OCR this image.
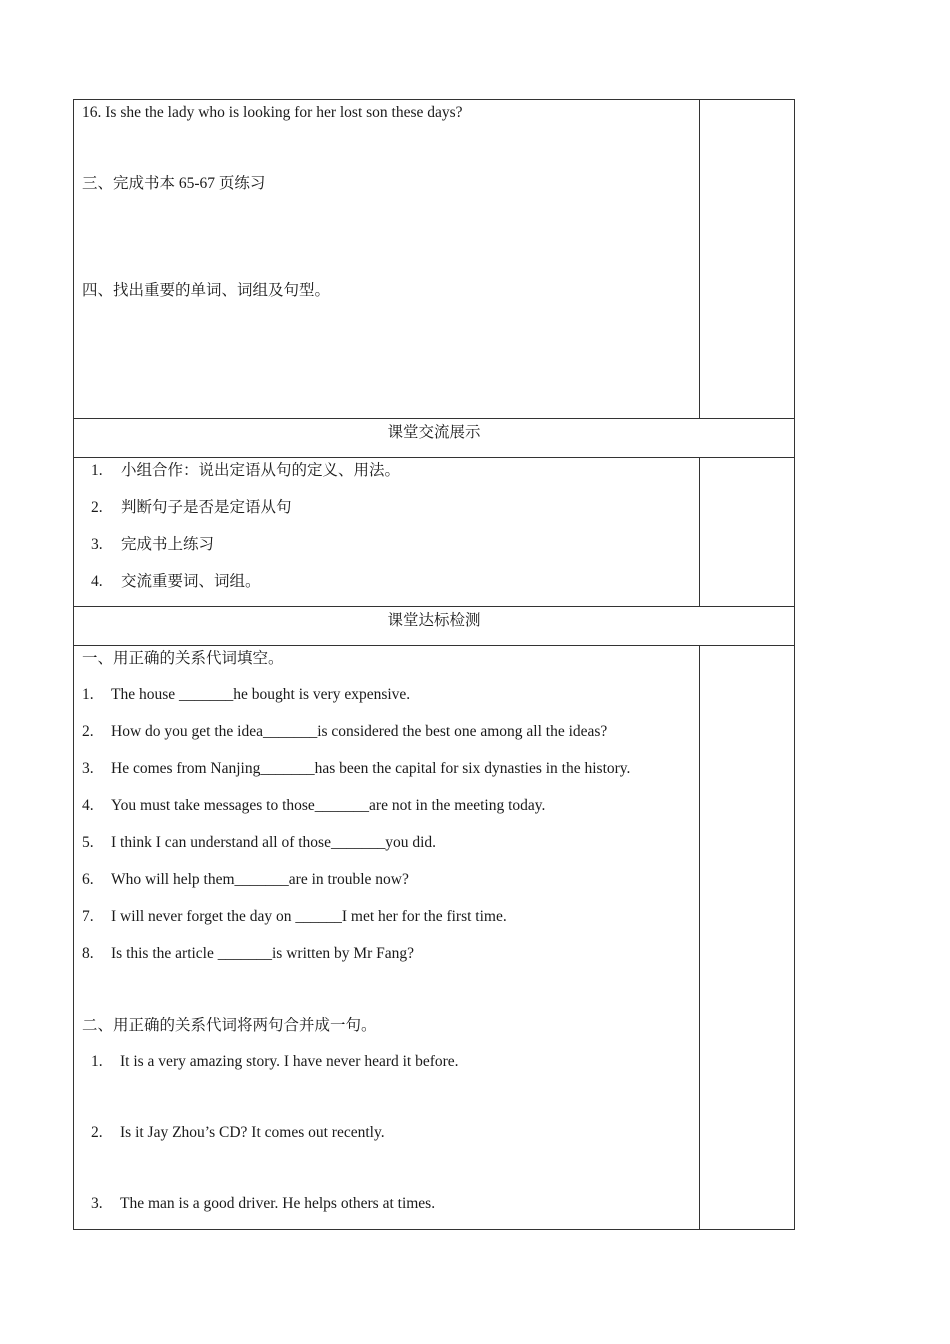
16. Is she the lady who is looking for her lost son these days?
三、完成书本 65-67 页练习
四、找出重要的单词、词组及句型。
课堂交流展示
1. 小组合作：说出定语从句的定义、用法。
2. 判断句子是否是定语从句
3. 完成书上练习
4. 交流重要词、词组。
课堂达标检测
一、用正确的关系代词填空。
1. The house _______he bought is very expensive.
2. How do you get the idea_______is considered the best one among all the ideas?
3. He comes from Nanjing_______has been the capital for six dynasties in the history.
4. You must take messages to those_______are not in the meeting today.
5. I think I can understand all of those_______you did.
6. Who will help them_______are in trouble now?
7. I will never forget the day on ______I met her for the first time.
8. Is this the article _______is written by Mr Fang?
二、用正确的关系代词将两句合并成一句。
1. It is a very amazing story. I have never heard it before.
2. Is it Jay Zhou’s CD? It comes out recently.
3. The man is a good driver. He helps others at times.
